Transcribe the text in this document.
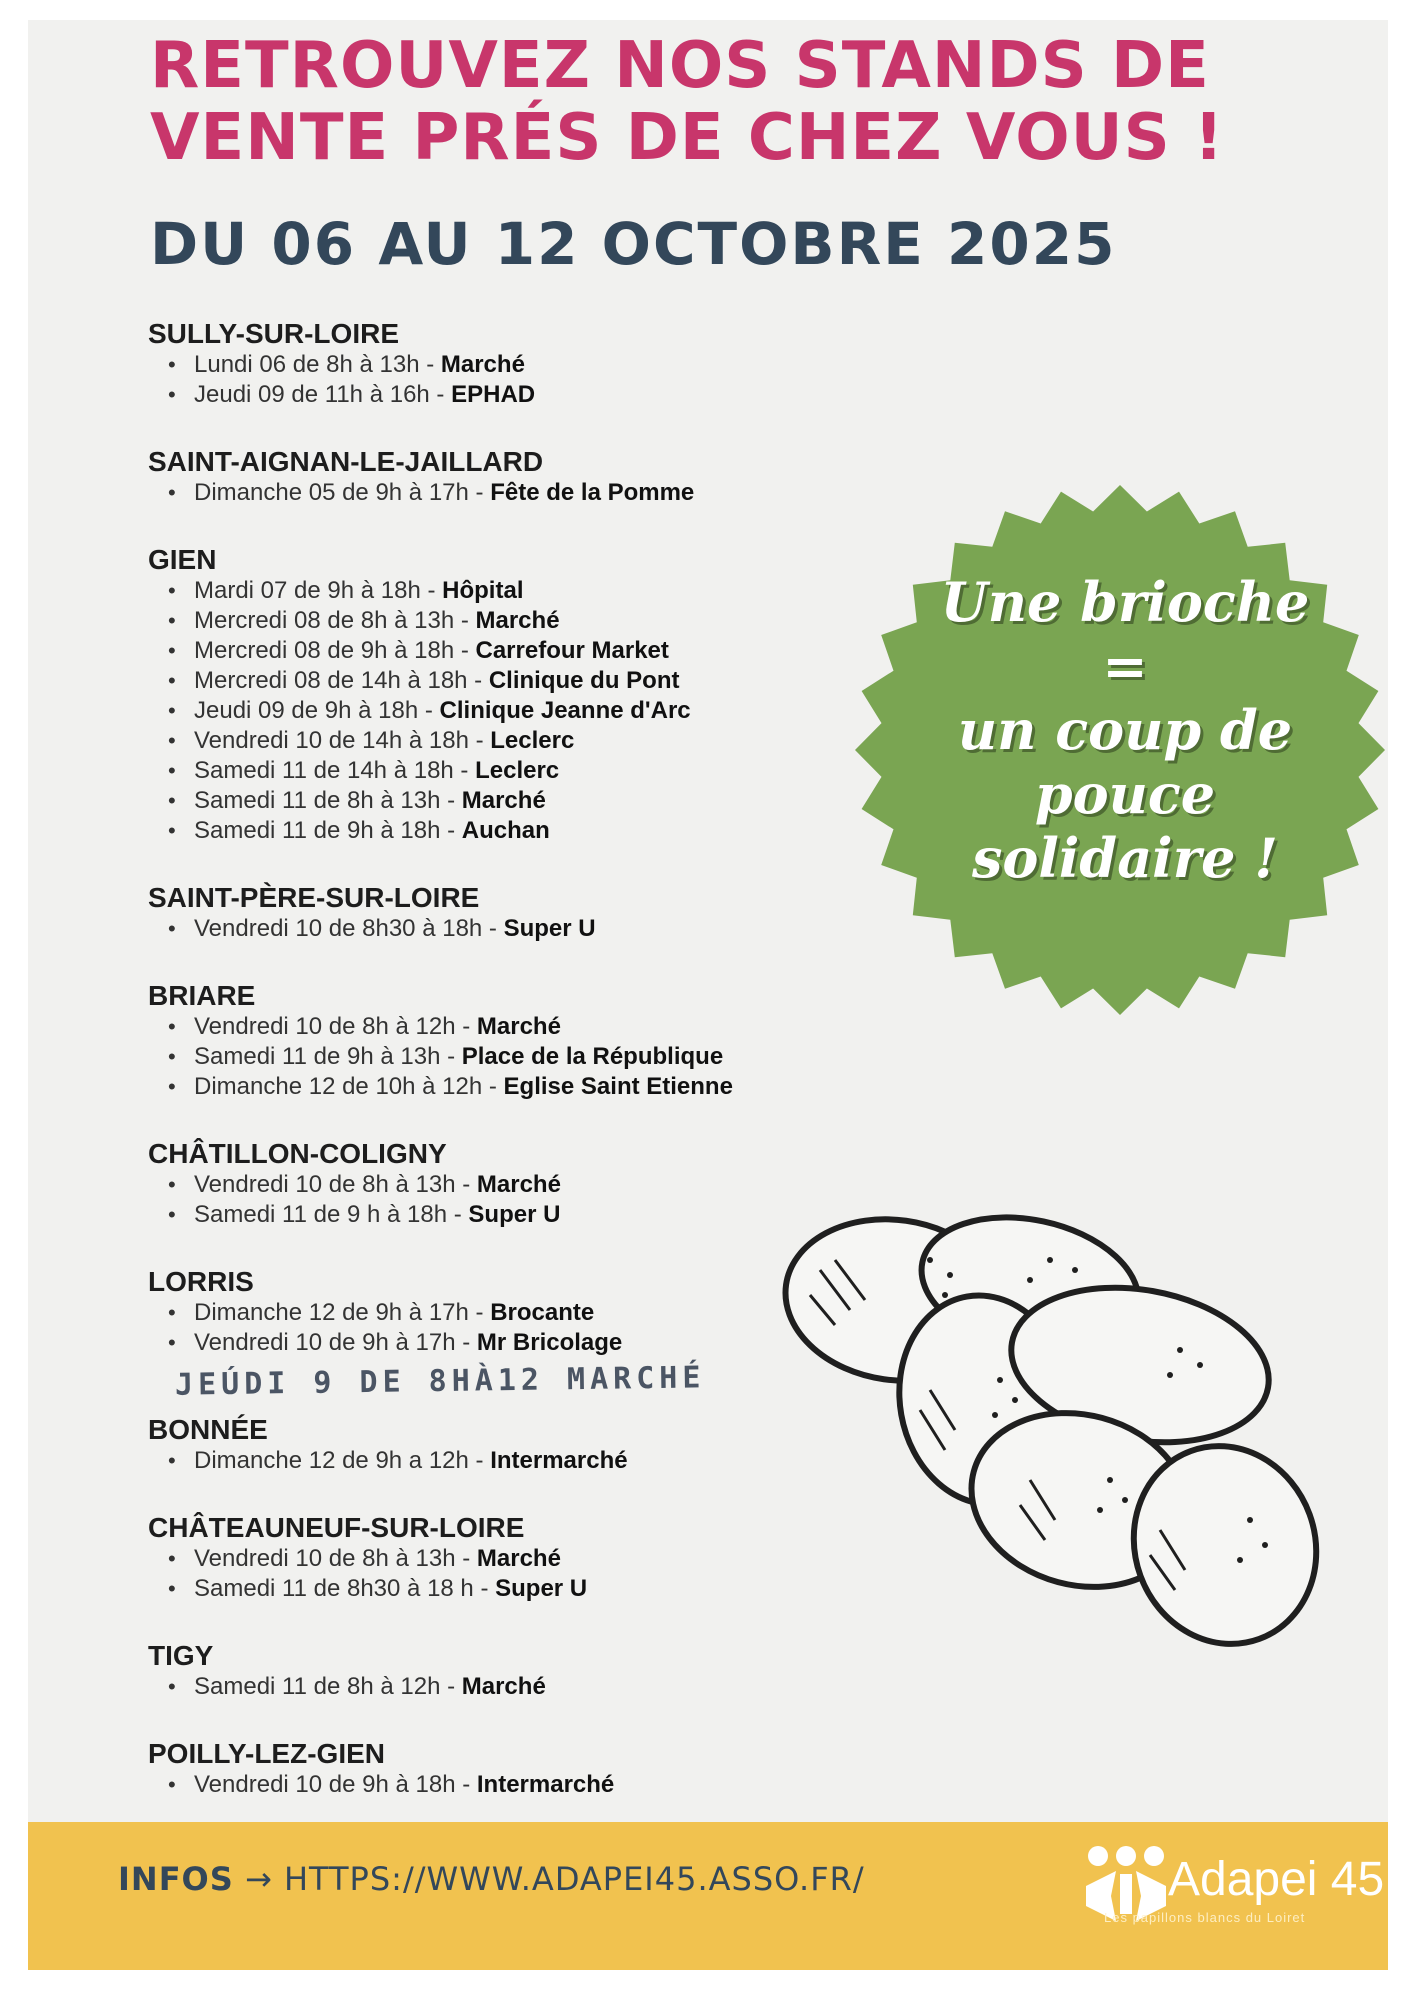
RETROUVEZ NOS STANDS DE
VENTE PRÉS DE CHEZ VOUS !
DU 06 AU 12 OCTOBRE 2025
SULLY-SUR-LOIRE
• Lundi 06 de 8h à 13h - Marché
• Jeudi 09 de 11h à 16h - EPHAD
SAINT-AIGNAN-LE-JAILLARD
• Dimanche 05 de 9h à 17h - Fête de la Pomme
GIEN
• Mardi 07 de 9h à 18h - Hôpital
• Mercredi 08 de 8h à 13h - Marché
• Mercredi 08 de 9h à 18h - Carrefour Market
• Mercredi 08 de 14h à 18h - Clinique du Pont
• Jeudi 09 de 9h à 18h - Clinique Jeanne d'Arc
• Vendredi 10 de 14h à 18h - Leclerc
• Samedi 11 de 14h à 18h - Leclerc
• Samedi 11 de 8h à 13h - Marché
• Samedi 11 de 9h à 18h - Auchan
SAINT-PÈRE-SUR-LOIRE
• Vendredi 10 de 8h30 à 18h - Super U
BRIARE
• Vendredi 10 de 8h à 12h - Marché
• Samedi 11 de 9h à 13h - Place de la République
• Dimanche 12 de 10h à 12h - Eglise Saint Etienne
CHÂTILLON-COLIGNY
• Vendredi 10 de 8h à 13h - Marché
• Samedi 11 de 9 h à 18h - Super U
LORRIS
• Dimanche 12 de 9h à 17h - Brocante
• Vendredi 10 de 9h à 17h - Mr Bricolage
BONNÉE
• Dimanche 12 de 9h a 12h - Intermarché
CHÂTEAUNEUF-SUR-LOIRE
• Vendredi 10 de 8h à 13h - Marché
• Samedi 11 de 8h30 à 18 h - Super U
TIGY
• Samedi 11 de 8h à 12h - Marché
POILLY-LEZ-GIEN
• Vendredi 10 de 9h à 18h - Intermarché
JEÚDI 9 DE 8HÀ12 MARCHÉ
Une brioche
=
un coup de
pouce
solidaire !
INFOS → HTTPS://WWW.ADAPEI45.ASSO.FR/	Adapei 45
Les papillons blancs du Loiret
